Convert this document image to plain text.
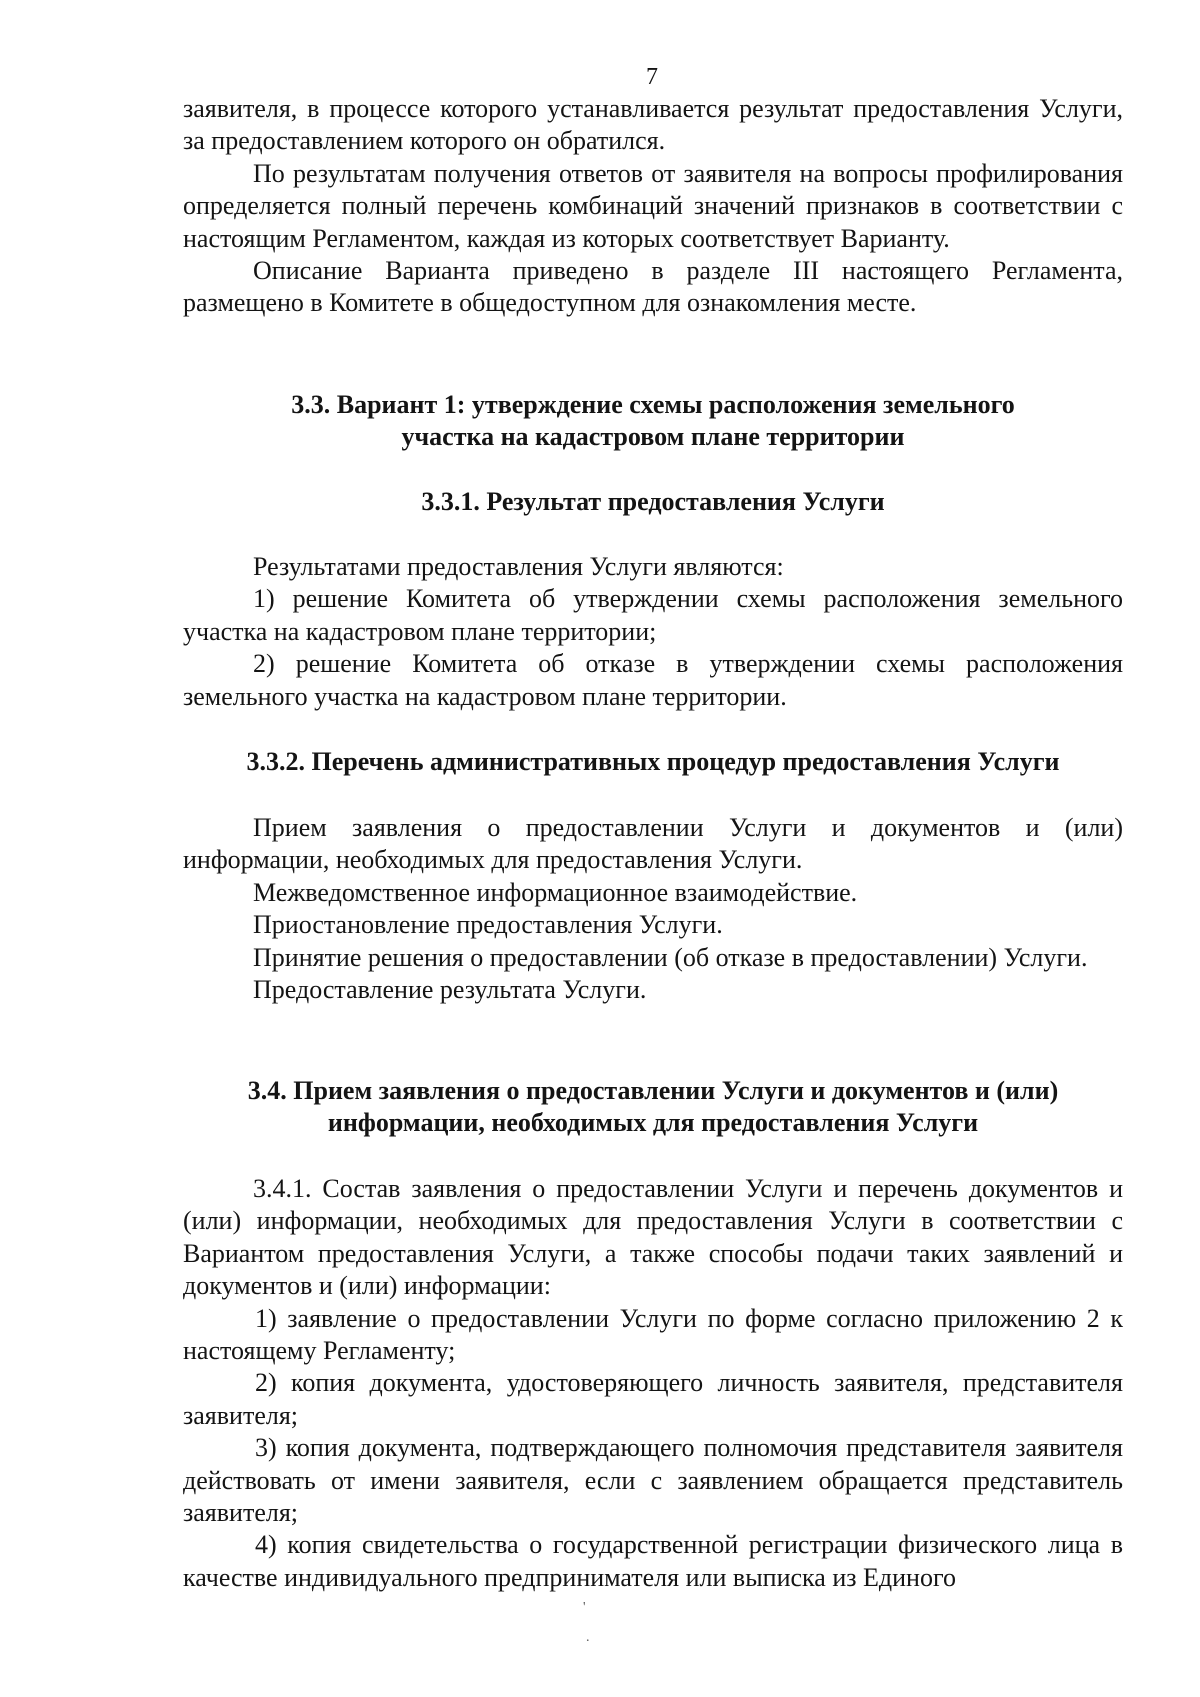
7

заявителя, в процессе которого устанавливается результат предоставления Услуги, за предоставлением которого он обратился.

По результатам получения ответов от заявителя на вопросы профилирования определяется полный перечень комбинаций значений признаков в соответствии с настоящим Регламентом, каждая из которых соответствует Варианту.

Описание Варианта приведено в разделе III настоящего Регламента, размещено в Комитете в общедоступном для ознакомления месте.

3.3. Вариант 1: утверждение схемы расположения земельного

участка на кадастровом плане территории

3.3.1. Результат предоставления Услуги

Результатами предоставления Услуги являются:

1) решение Комитета об утверждении схемы расположения земельного участка на кадастровом плане территории;

2) решение Комитета об отказе в утверждении схемы расположения земельного участка на кадастровом плане территории.

3.3.2. Перечень административных процедур предоставления Услуги

Прием заявления о предоставлении Услуги и документов и (или) информации, необходимых для предоставления Услуги.

Межведомственное информационное взаимодействие.

Приостановление предоставления Услуги.

Принятие решения о предоставлении (об отказе в предоставлении) Услуги.

Предоставление результата Услуги.

3.4. Прием заявления о предоставлении Услуги и документов и (или)

информации, необходимых для предоставления Услуги

3.4.1. Состав заявления о предоставлении Услуги и перечень документов и (или) информации, необходимых для предоставления Услуги в соответствии с Вариантом предоставления Услуги, а также способы подачи таких заявлений и документов и (или) информации:

1) заявление о предоставлении Услуги по форме согласно приложению 2 к настоящему Регламенту;

2) копия документа, удостоверяющего личность заявителя, представителя заявителя;

3) копия документа, подтверждающего полномочия представителя заявителя действовать от имени заявителя, если с заявлением обращается представитель заявителя;

4) копия свидетельства о государственной регистрации физического лица в качестве индивидуального предпринимателя или выписка из Единого

'
.
